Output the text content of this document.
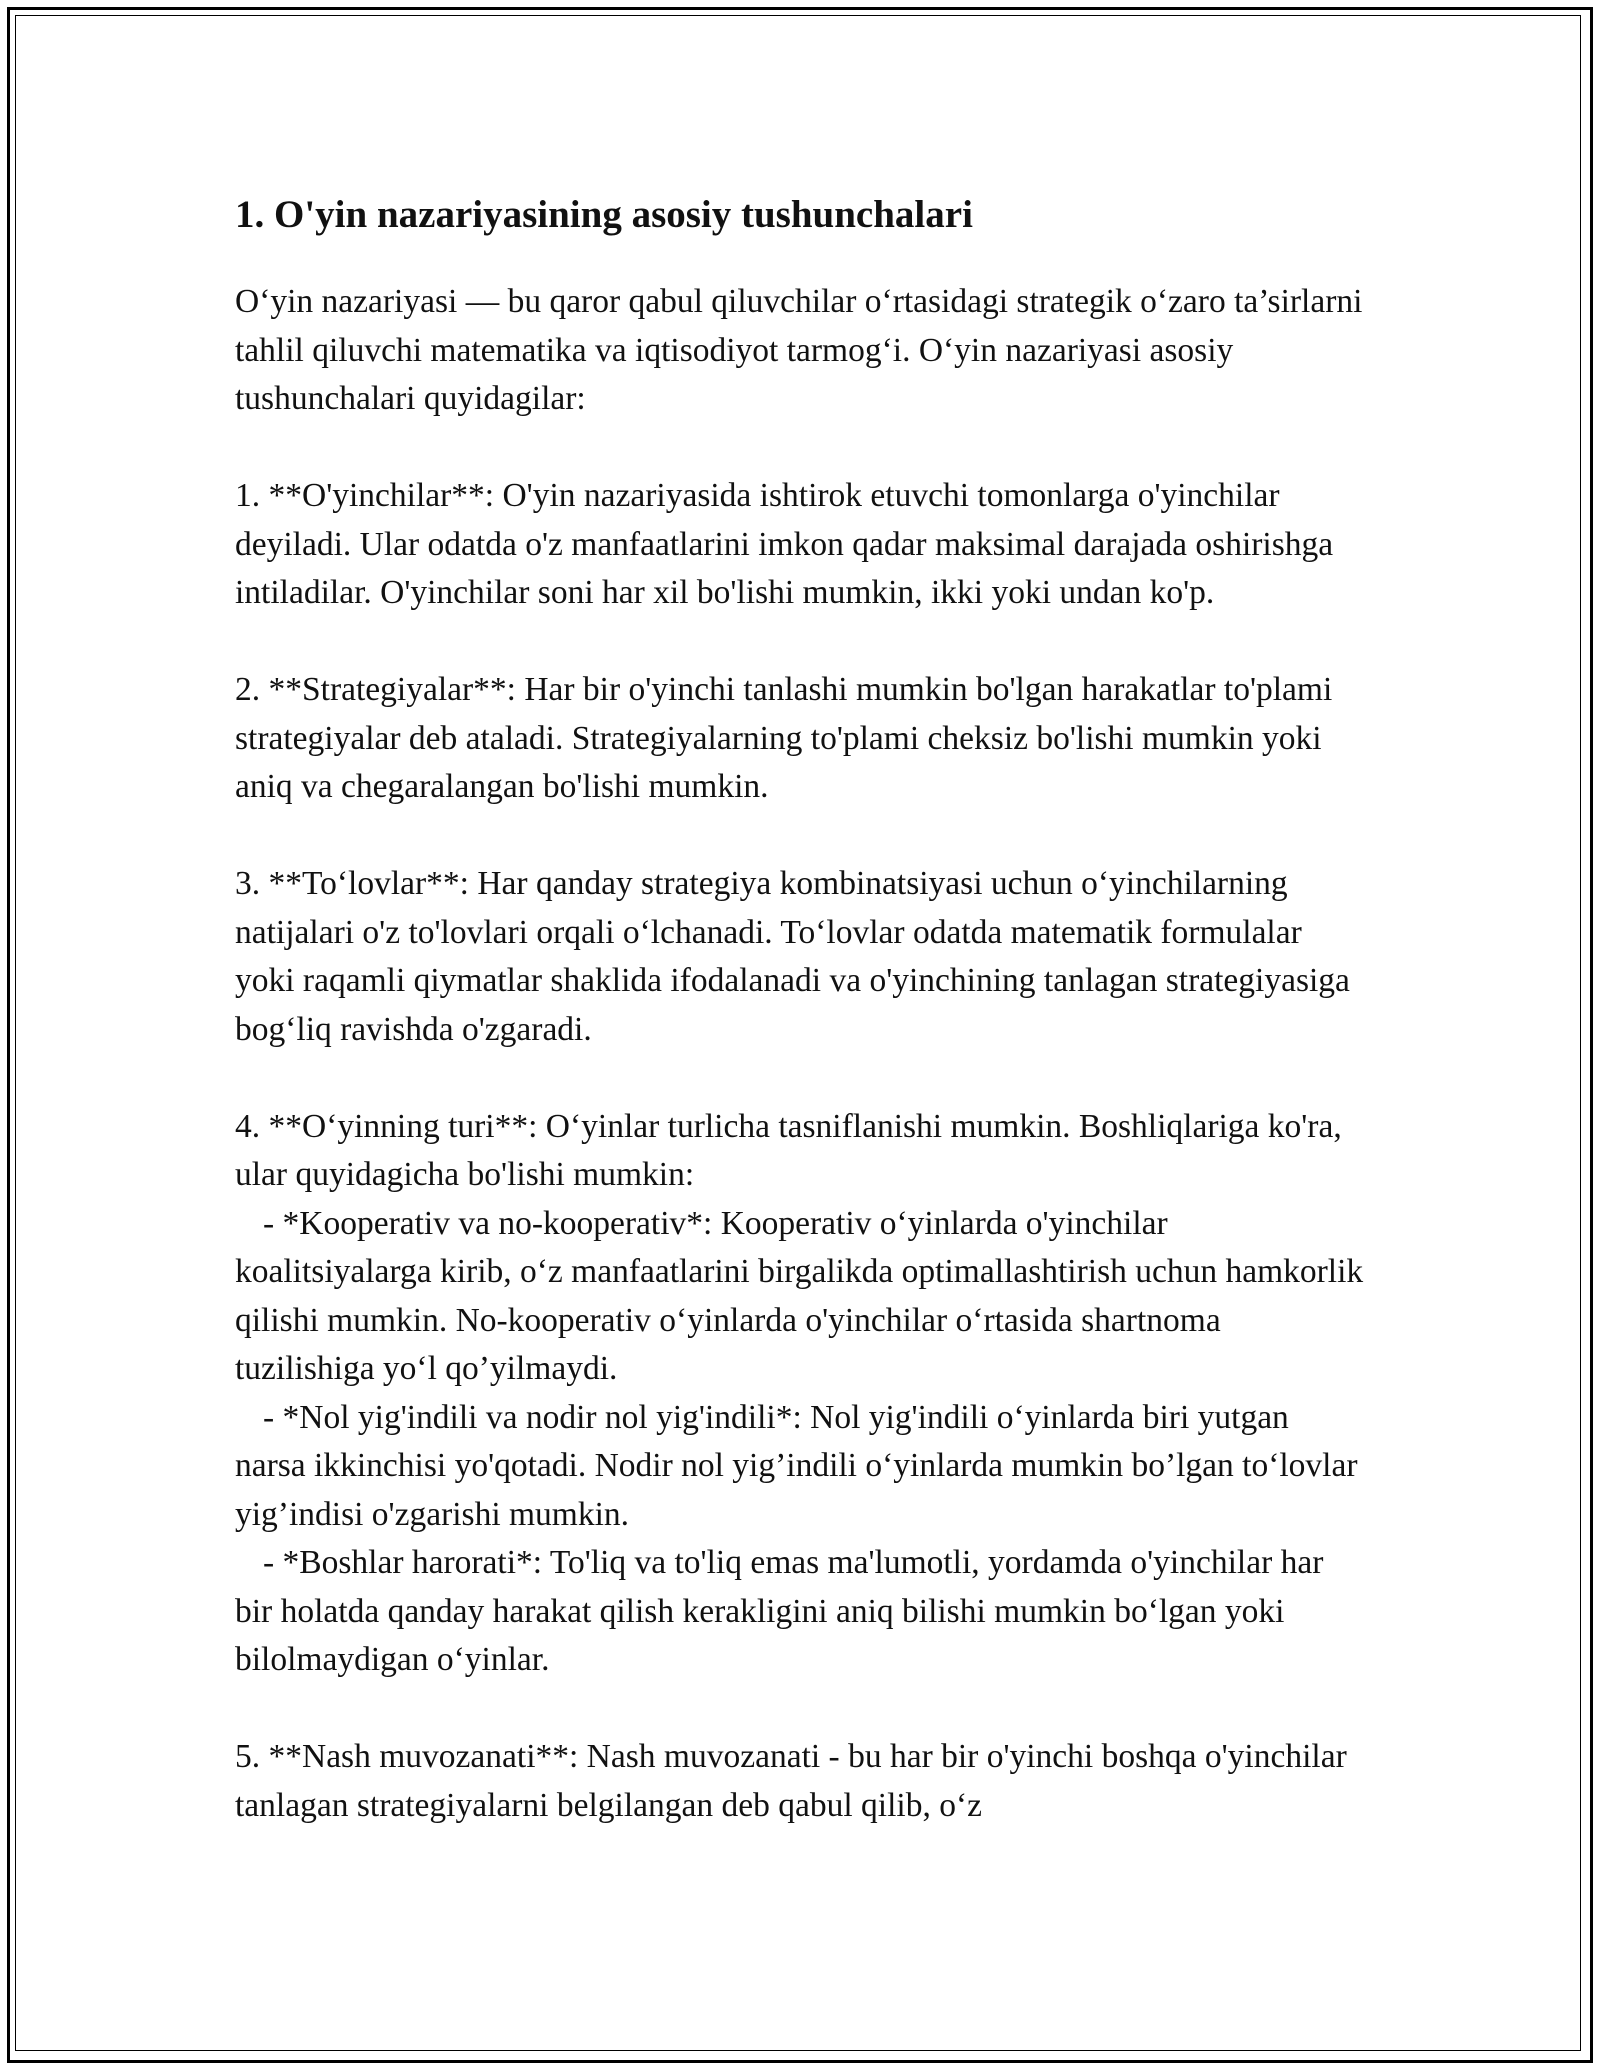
1. O'yin nazariyasining asosiy tushunchalari

O‘yin nazariyasi — bu qaror qabul qiluvchilar o‘rtasidagi strategik o‘zaro ta’sirlarni tahlil qiluvchi matematika va iqtisodiyot tarmog‘i. O‘yin nazariyasi asosiy tushunchalari quyidagilar:

1. **O'yinchilar**: O'yin nazariyasida ishtirok etuvchi tomonlarga o'yinchilar deyiladi. Ular odatda o'z manfaatlarini imkon qadar maksimal darajada oshirishga intiladilar. O'yinchilar soni har xil bo'lishi mumkin, ikki yoki undan ko'p.

2. **Strategiyalar**: Har bir o'yinchi tanlashi mumkin bo'lgan harakatlar to'plami strategiyalar deb ataladi. Strategiyalarning to'plami cheksiz bo'lishi mumkin yoki aniq va chegaralangan bo'lishi mumkin.

3. **To‘lovlar**: Har qanday strategiya kombinatsiyasi uchun o‘yinchilarning natijalari o'z to'lovlari orqali o‘lchanadi. To‘lovlar odatda matematik formulalar yoki raqamli qiymatlar shaklida ifodalanadi va o'yinchining tanlagan strategiyasiga bog‘liq ravishda o'zgaradi.

4. **O‘yinning turi**: O‘yinlar turlicha tasniflanishi mumkin. Boshliqlariga ko'ra, ular quyidagicha bo'lishi mumkin:

- *Kooperativ va no-kooperativ*: Kooperativ o‘yinlarda o'yinchilar koalitsiyalarga kirib, o‘z manfaatlarini birgalikda optimallashtirish uchun hamkorlik qilishi mumkin. No-kooperativ o‘yinlarda o'yinchilar o‘rtasida shartnoma tuzilishiga yo‘l qo’yilmaydi.

- *Nol yig'indili va nodir nol yig'indili*: Nol yig'indili o‘yinlarda biri yutgan narsa ikkinchisi yo'qotadi. Nodir nol yig’indili o‘yinlarda mumkin bo’lgan to‘lovlar yig’indisi o'zgarishi mumkin.

- *Boshlar harorati*: To'liq va to'liq emas ma'lumotli, yordamda o'yinchilar har bir holatda qanday harakat qilish kerakligini aniq bilishi mumkin bo‘lgan yoki bilolmaydigan o‘yinlar.

5. **Nash muvozanati**: Nash muvozanati - bu har bir o'yinchi boshqa o'yinchilar tanlagan strategiyalarni belgilangan deb qabul qilib, o‘z
